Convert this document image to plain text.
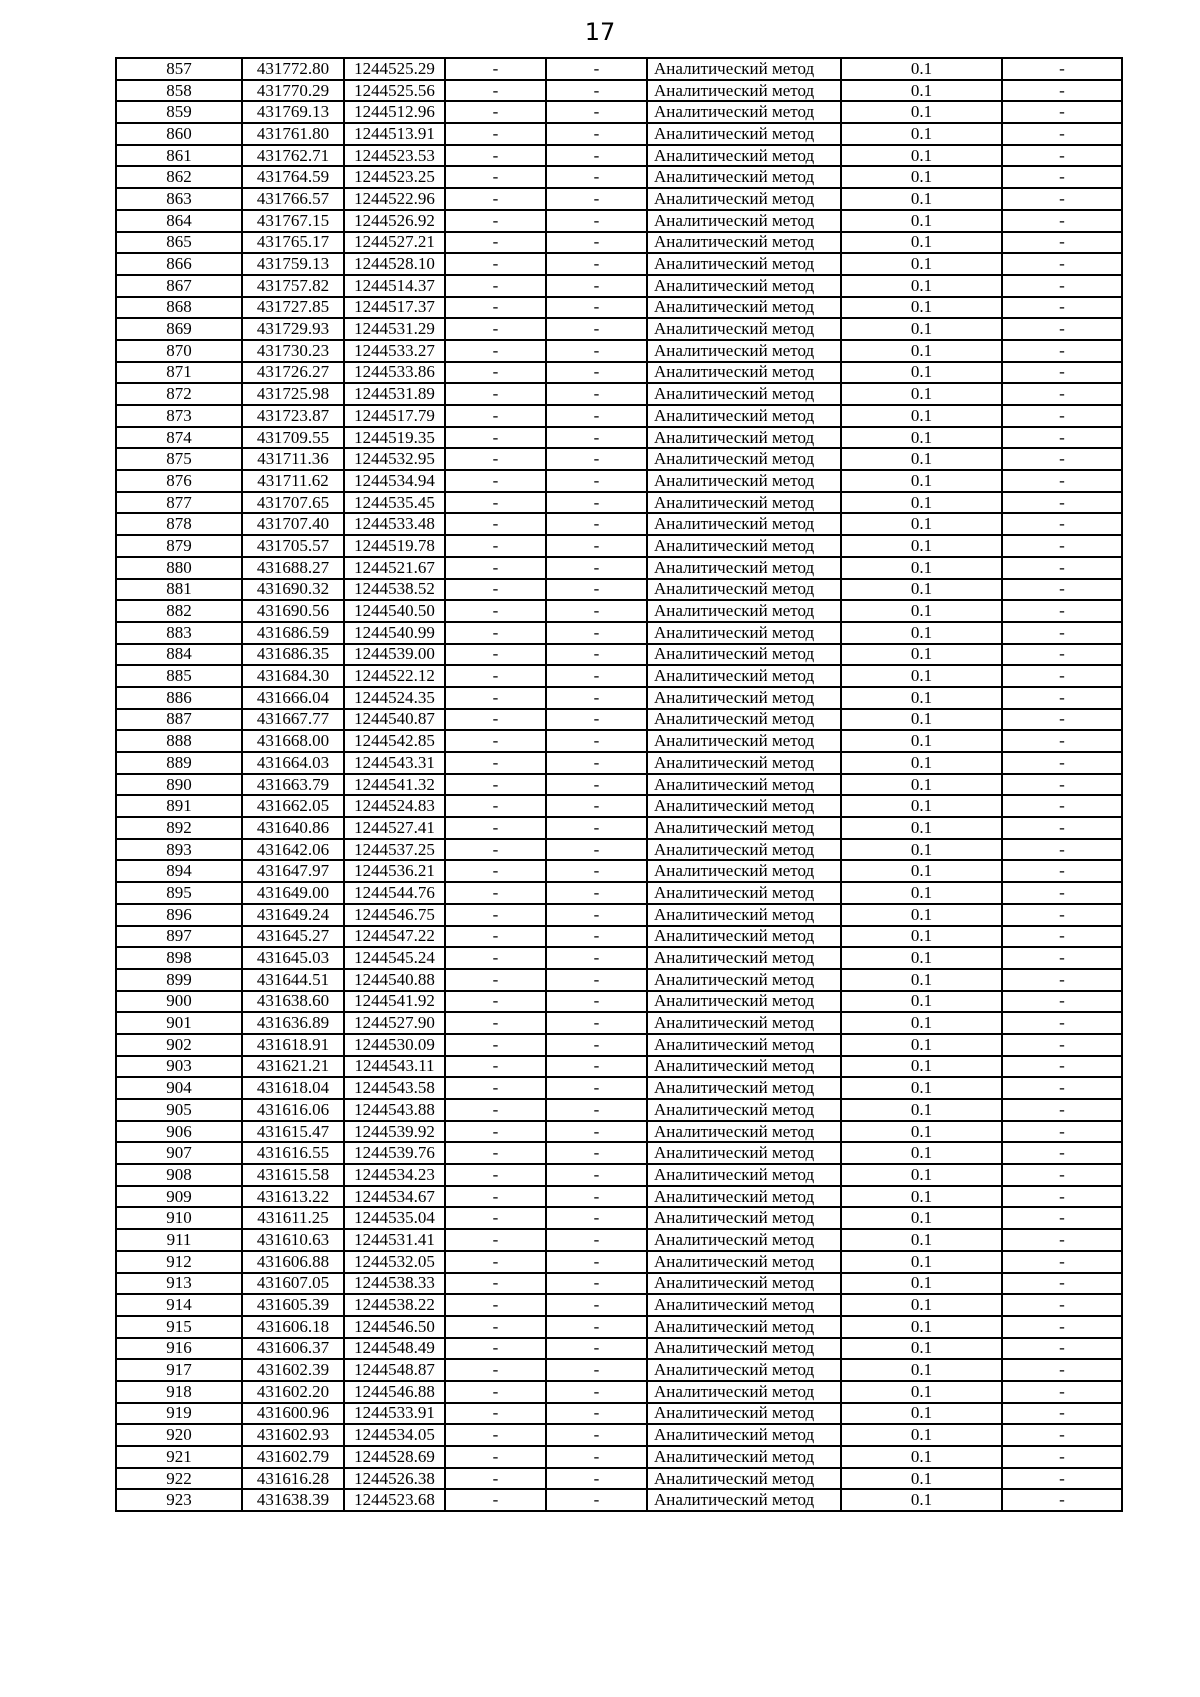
17
857	431772.80	1244525.29	-	-	Аналитический метод	0.1	-
858	431770.29	1244525.56	-	-	Аналитический метод	0.1	-
859	431769.13	1244512.96	-	-	Аналитический метод	0.1	-
860	431761.80	1244513.91	-	-	Аналитический метод	0.1	-
861	431762.71	1244523.53	-	-	Аналитический метод	0.1	-
862	431764.59	1244523.25	-	-	Аналитический метод	0.1	-
863	431766.57	1244522.96	-	-	Аналитический метод	0.1	-
864	431767.15	1244526.92	-	-	Аналитический метод	0.1	-
865	431765.17	1244527.21	-	-	Аналитический метод	0.1	-
866	431759.13	1244528.10	-	-	Аналитический метод	0.1	-
867	431757.82	1244514.37	-	-	Аналитический метод	0.1	-
868	431727.85	1244517.37	-	-	Аналитический метод	0.1	-
869	431729.93	1244531.29	-	-	Аналитический метод	0.1	-
870	431730.23	1244533.27	-	-	Аналитический метод	0.1	-
871	431726.27	1244533.86	-	-	Аналитический метод	0.1	-
872	431725.98	1244531.89	-	-	Аналитический метод	0.1	-
873	431723.87	1244517.79	-	-	Аналитический метод	0.1	-
874	431709.55	1244519.35	-	-	Аналитический метод	0.1	-
875	431711.36	1244532.95	-	-	Аналитический метод	0.1	-
876	431711.62	1244534.94	-	-	Аналитический метод	0.1	-
877	431707.65	1244535.45	-	-	Аналитический метод	0.1	-
878	431707.40	1244533.48	-	-	Аналитический метод	0.1	-
879	431705.57	1244519.78	-	-	Аналитический метод	0.1	-
880	431688.27	1244521.67	-	-	Аналитический метод	0.1	-
881	431690.32	1244538.52	-	-	Аналитический метод	0.1	-
882	431690.56	1244540.50	-	-	Аналитический метод	0.1	-
883	431686.59	1244540.99	-	-	Аналитический метод	0.1	-
884	431686.35	1244539.00	-	-	Аналитический метод	0.1	-
885	431684.30	1244522.12	-	-	Аналитический метод	0.1	-
886	431666.04	1244524.35	-	-	Аналитический метод	0.1	-
887	431667.77	1244540.87	-	-	Аналитический метод	0.1	-
888	431668.00	1244542.85	-	-	Аналитический метод	0.1	-
889	431664.03	1244543.31	-	-	Аналитический метод	0.1	-
890	431663.79	1244541.32	-	-	Аналитический метод	0.1	-
891	431662.05	1244524.83	-	-	Аналитический метод	0.1	-
892	431640.86	1244527.41	-	-	Аналитический метод	0.1	-
893	431642.06	1244537.25	-	-	Аналитический метод	0.1	-
894	431647.97	1244536.21	-	-	Аналитический метод	0.1	-
895	431649.00	1244544.76	-	-	Аналитический метод	0.1	-
896	431649.24	1244546.75	-	-	Аналитический метод	0.1	-
897	431645.27	1244547.22	-	-	Аналитический метод	0.1	-
898	431645.03	1244545.24	-	-	Аналитический метод	0.1	-
899	431644.51	1244540.88	-	-	Аналитический метод	0.1	-
900	431638.60	1244541.92	-	-	Аналитический метод	0.1	-
901	431636.89	1244527.90	-	-	Аналитический метод	0.1	-
902	431618.91	1244530.09	-	-	Аналитический метод	0.1	-
903	431621.21	1244543.11	-	-	Аналитический метод	0.1	-
904	431618.04	1244543.58	-	-	Аналитический метод	0.1	-
905	431616.06	1244543.88	-	-	Аналитический метод	0.1	-
906	431615.47	1244539.92	-	-	Аналитический метод	0.1	-
907	431616.55	1244539.76	-	-	Аналитический метод	0.1	-
908	431615.58	1244534.23	-	-	Аналитический метод	0.1	-
909	431613.22	1244534.67	-	-	Аналитический метод	0.1	-
910	431611.25	1244535.04	-	-	Аналитический метод	0.1	-
911	431610.63	1244531.41	-	-	Аналитический метод	0.1	-
912	431606.88	1244532.05	-	-	Аналитический метод	0.1	-
913	431607.05	1244538.33	-	-	Аналитический метод	0.1	-
914	431605.39	1244538.22	-	-	Аналитический метод	0.1	-
915	431606.18	1244546.50	-	-	Аналитический метод	0.1	-
916	431606.37	1244548.49	-	-	Аналитический метод	0.1	-
917	431602.39	1244548.87	-	-	Аналитический метод	0.1	-
918	431602.20	1244546.88	-	-	Аналитический метод	0.1	-
919	431600.96	1244533.91	-	-	Аналитический метод	0.1	-
920	431602.93	1244534.05	-	-	Аналитический метод	0.1	-
921	431602.79	1244528.69	-	-	Аналитический метод	0.1	-
922	431616.28	1244526.38	-	-	Аналитический метод	0.1	-
923	431638.39	1244523.68	-	-	Аналитический метод	0.1	-
